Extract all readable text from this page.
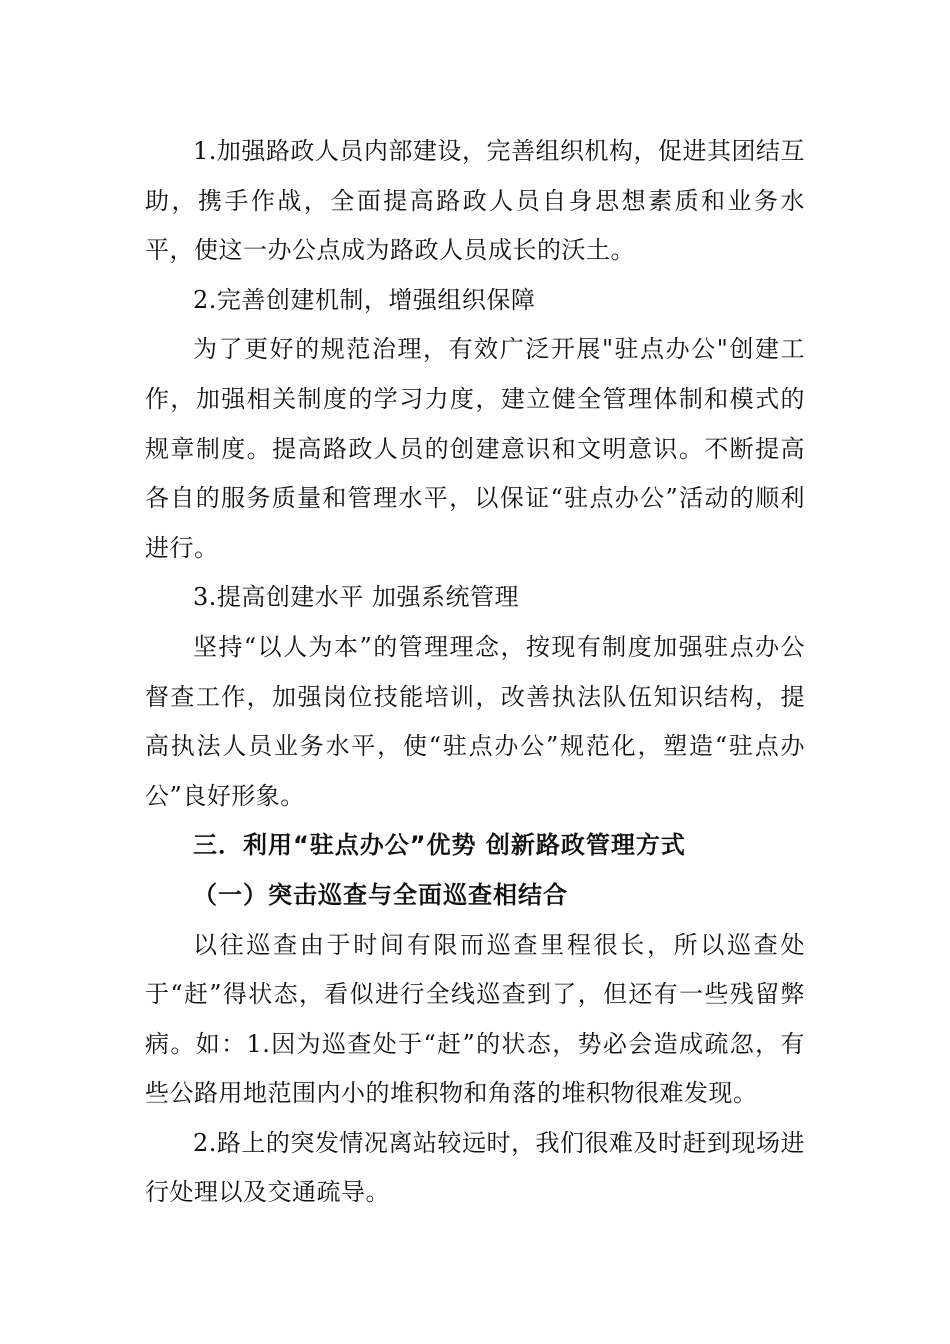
1.加强路政人员内部建设，完善组织机构，促进其团结互助，携手作战，全面提高路政人员自身思想素质和业务水平，使这一办公点成为路政人员成长的沃土。

2.完善创建机制，增强组织保障

为了更好的规范治理，有效广泛开展"驻点办公"创建工作，加强相关制度的学习力度，建立健全管理体制和模式的规章制度。提高路政人员的创建意识和文明意识。不断提高各自的服务质量和管理水平，以保证“驻点办公”活动的顺利进行。

3.提高创建水平 加强系统管理

坚持“以人为本”的管理理念，按现有制度加强驻点办公督查工作，加强岗位技能培训，改善执法队伍知识结构，提高执法人员业务水平，使“驻点办公”规范化，塑造“驻点办公”良好形象。

三．利用“驻点办公”优势 创新路政管理方式

（一）突击巡查与全面巡查相结合

以往巡查由于时间有限而巡查里程很长，所以巡查处于“赶”得状态，看似进行全线巡查到了，但还有一些残留弊病。如：1.因为巡查处于“赶”的状态，势必会造成疏忽，有些公路用地范围内小的堆积物和角落的堆积物很难发现。

2.路上的突发情况离站较远时，我们很难及时赶到现场进行处理以及交通疏导。
